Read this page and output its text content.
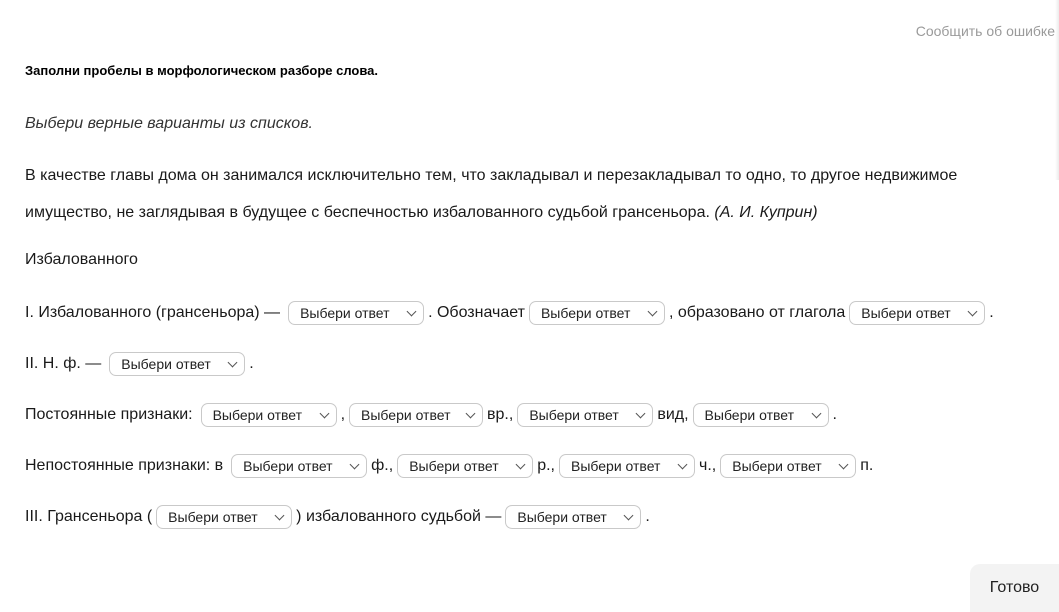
Сообщить об ошибке
Заполни пробелы в морфологическом разборе слова.
Выбери верные варианты из списков.
В качестве главы дома он занимался исключительно тем, что закладывал и перезакладывал то одно, то другое недвижимое имущество, не заглядывая в будущее с беспечностью избалованного судьбой грансеньора. (А. И. Куприн)
Избалованного
I. Избалованного (грансеньора) — Выбери ответ . Обозначает Выбери ответ , образовано от глагола Выбери ответ .
II. Н. ф. — Выбери ответ .
Постоянные признаки: Выбери ответ , Выбери ответ вр., Выбери ответ вид, Выбери ответ .
Непостоянные признаки: в Выбери ответ ф., Выбери ответ р., Выбери ответ ч., Выбери ответ п.
III. Грансеньора ( Выбери ответ ) избалованного судьбой — Выбери ответ .
Готово
